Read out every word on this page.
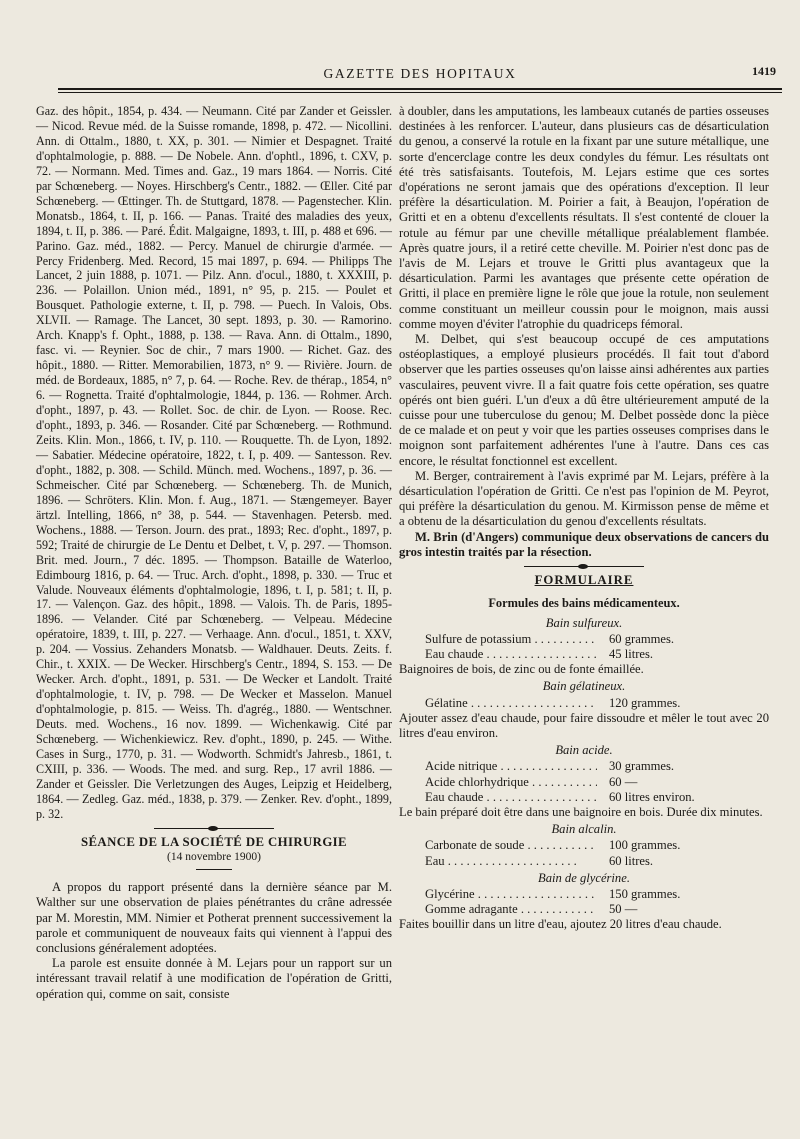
GAZETTE DES HOPITAUX	1419

Gaz. des hôpit., 1854, p. 434. — Neumann. Cité par Zander et Geissler. — Nicod. Revue méd. de la Suisse romande, 1898, p. 472. — Nicollini. Ann. di Ottalm., 1880, t. XX, p. 301. — Nimier et Despagnet. Traité d'ophtalmologie, p. 888. — De Nobele. Ann. d'ophtl., 1896, t. CXV, p. 72. — Normann. Med. Times and. Gaz., 19 mars 1864. — Norris. Cité par Schœneberg. — Noyes. Hirschberg's Centr., 1882. — Œller. Cité par Schœneberg. — Œttinger. Th. de Stuttgard, 1878. — Pagenstecher. Klin. Monatsb., 1864, t. II, p. 166. — Panas. Traité des maladies des yeux, 1894, t. II, p. 386. — Paré. Édit. Malgaigne, 1893, t. III, p. 488 et 696. — Parino. Gaz. méd., 1882. — Percy. Manuel de chirurgie d'armée. — Percy Fridenberg. Med. Record, 15 mai 1897, p. 694. — Philipps The Lancet, 2 juin 1888, p. 1071. — Pilz. Ann. d'ocul., 1880, t. XXXIII, p. 236. — Polaillon. Union méd., 1891, n° 95, p. 215. — Poulet et Bousquet. Pathologie externe, t. II, p. 798. — Puech. In Valois, Obs. XLVII. — Ramage. The Lancet, 30 sept. 1893, p. 30. — Ramorino. Arch. Knapp's f. Opht., 1888, p. 138. — Rava. Ann. di Ottalm., 1890, fasc. vi. — Reynier. Soc de chir., 7 mars 1900. — Richet. Gaz. des hôpit., 1880. — Ritter. Memorabilien, 1873, n° 9. — Rivière. Journ. de méd. de Bordeaux, 1885, n° 7, p. 64. — Roche. Rev. de thérap., 1854, n° 6. — Rognetta. Traité d'ophtalmologie, 1844, p. 136. — Rohmer. Arch. d'opht., 1897, p. 43. — Rollet. Soc. de chir. de Lyon. — Roose. Rec. d'opht., 1893, p. 346. — Rosander. Cité par Schœneberg. — Rothmund. Zeits. Klin. Mon., 1866, t. IV, p. 110. — Rouquette. Th. de Lyon, 1892. — Sabatier. Médecine opératoire, 1822, t. I, p. 409. — Santesson. Rev. d'opht., 1882, p. 308. — Schild. Münch. med. Wochens., 1897, p. 36. — Schmeischer. Cité par Schœneberg. — Schœneberg. Th. de Munich, 1896. — Schröters. Klin. Mon. f. Aug., 1871. — Stængemeyer. Bayer ärtzl. Intelling, 1866, n° 38, p. 544. — Stavenhagen. Petersb. med. Wochens., 1888. — Terson. Journ. des prat., 1893; Rec. d'opht., 1897, p. 592; Traité de chirurgie de Le Dentu et Delbet, t. V, p. 297. — Thomson. Brit. med. Journ., 7 déc. 1895. — Thompson. Bataille de Waterloo, Edimbourg 1816, p. 64. — Truc. Arch. d'opht., 1898, p. 330. — Truc et Valude. Nouveaux éléments d'ophtalmologie, 1896, t. I, p. 581; t. II, p. 17. — Valençon. Gaz. des hôpit., 1898. — Valois. Th. de Paris, 1895-1896. — Velander. Cité par Schœneberg. — Velpeau. Médecine opératoire, 1839, t. III, p. 227. — Verhaage. Ann. d'ocul., 1851, t. XXV, p. 204. — Vossius. Zehanders Monatsb. — Waldhauer. Deuts. Zeits. f. Chir., t. XXIX. — De Wecker. Hirschberg's Centr., 1894, S. 153. — De Wecker. Arch. d'opht., 1891, p. 531. — De Wecker et Landolt. Traité d'ophtalmologie, t. IV, p. 798. — De Wecker et Masselon. Manuel d'ophtalmologie, p. 815. — Weiss. Th. d'agrég., 1880. — Wentschner. Deuts. med. Wochens., 16 nov. 1899. — Wichenkawig. Cité par Schœneberg. — Wichenkiewicz. Rev. d'opht., 1890, p. 245. — Withe. Cases in Surg., 1770, p. 31. — Wodworth. Schmidt's Jahresb., 1861, t. CXIII, p. 336. — Woods. The med. and surg. Rep., 17 avril 1886. — Zander et Geissler. Die Verletzungen des Auges, Leipzig et Heidelberg, 1864. — Zedleg. Gaz. méd., 1838, p. 379. — Zenker. Rev. d'opht., 1899, p. 32.

SÉANCE DE LA SOCIÉTÉ DE CHIRURGIE
(14 novembre 1900)

A propos du rapport présenté dans la dernière séance par M. Walther sur une observation de plaies pénétrantes du crâne adressée par M. Morestin, MM. Nimier et Potherat prennent successivement la parole et communiquent de nouveaux faits qui viennent à l'appui des conclusions généralement adoptées.

La parole est ensuite donnée à M. Lejars pour un rapport sur un intéressant travail relatif à une modification de l'opération de Gritti, opération qui, comme on sait, consiste

à doubler, dans les amputations, les lambeaux cutanés de parties osseuses destinées à les renforcer. L'auteur, dans plusieurs cas de désarticulation du genou, a conservé la rotule en la fixant par une suture métallique, une sorte d'encerclage contre les deux condyles du fémur. Les résultats ont été très satisfaisants. Toutefois, M. Lejars estime que ces sortes d'opérations ne seront jamais que des opérations d'exception. Il leur préfère la désarticulation. M. Poirier a fait, à Beaujon, l'opération de Gritti et en a obtenu d'excellents résultats. Il s'est contenté de clouer la rotule au fémur par une cheville métallique préalablement flambée. Après quatre jours, il a retiré cette cheville. M. Poirier n'est donc pas de l'avis de M. Lejars et trouve le Gritti plus avantageux que la désarticulation. Parmi les avantages que présente cette opération de Gritti, il place en première ligne le rôle que joue la rotule, non seulement comme constituant un meilleur coussin pour le moignon, mais aussi comme moyen d'éviter l'atrophie du quadriceps fémoral.

M. Delbet, qui s'est beaucoup occupé de ces amputations ostéoplastiques, a employé plusieurs procédés. Il fait tout d'abord observer que les parties osseuses qu'on laisse ainsi adhérentes aux parties vasculaires, peuvent vivre. Il a fait quatre fois cette opération, ses quatre opérés ont bien guéri. L'un d'eux a dû être ultérieurement amputé de la cuisse pour une tuberculose du genou; M. Delbet possède donc la pièce de ce malade et on peut y voir que les parties osseuses comprises dans le moignon sont parfaitement adhérentes l'une à l'autre. Dans ces cas encore, le résultat fonctionnel est excellent.

M. Berger, contrairement à l'avis exprimé par M. Lejars, préfère à la désarticulation l'opération de Gritti. Ce n'est pas l'opinion de M. Peyrot, qui préfère la désarticulation du genou. M. Kirmisson pense de même et a obtenu de la désarticulation du genou d'excellents résultats.

M. Brin (d'Angers) communique deux observations de cancers du gros intestin traités par la résection.

FORMULAIRE
Formules des bains médicamenteux.
Bain sulfureux.
Sulfure de potassium . . .	60 grammes.
Eau chaude . . .	45 litres.

Baignoires de bois, de zinc ou de fonte émaillée.

Bain gélatineux.
Gélatine . . .	120 grammes.

Ajouter assez d'eau chaude, pour faire dissoudre et mêler le tout avec 20 litres d'eau environ.

Bain acide.
Acide nitrique . . .	30 grammes.
Acide chlorhydrique . . .	60 —
Eau chaude . . .	60 litres environ.

Le bain préparé doit être dans une baignoire en bois. Durée dix minutes.

Bain alcalin.
Carbonate de soude . . .	100 grammes.
Eau . . .	60 litres.
Bain de glycérine.
Glycérine . . .	150 grammes.
Gomme adragante . . .	50 —

Faites bouillir dans un litre d'eau, ajoutez 20 litres d'eau chaude.
